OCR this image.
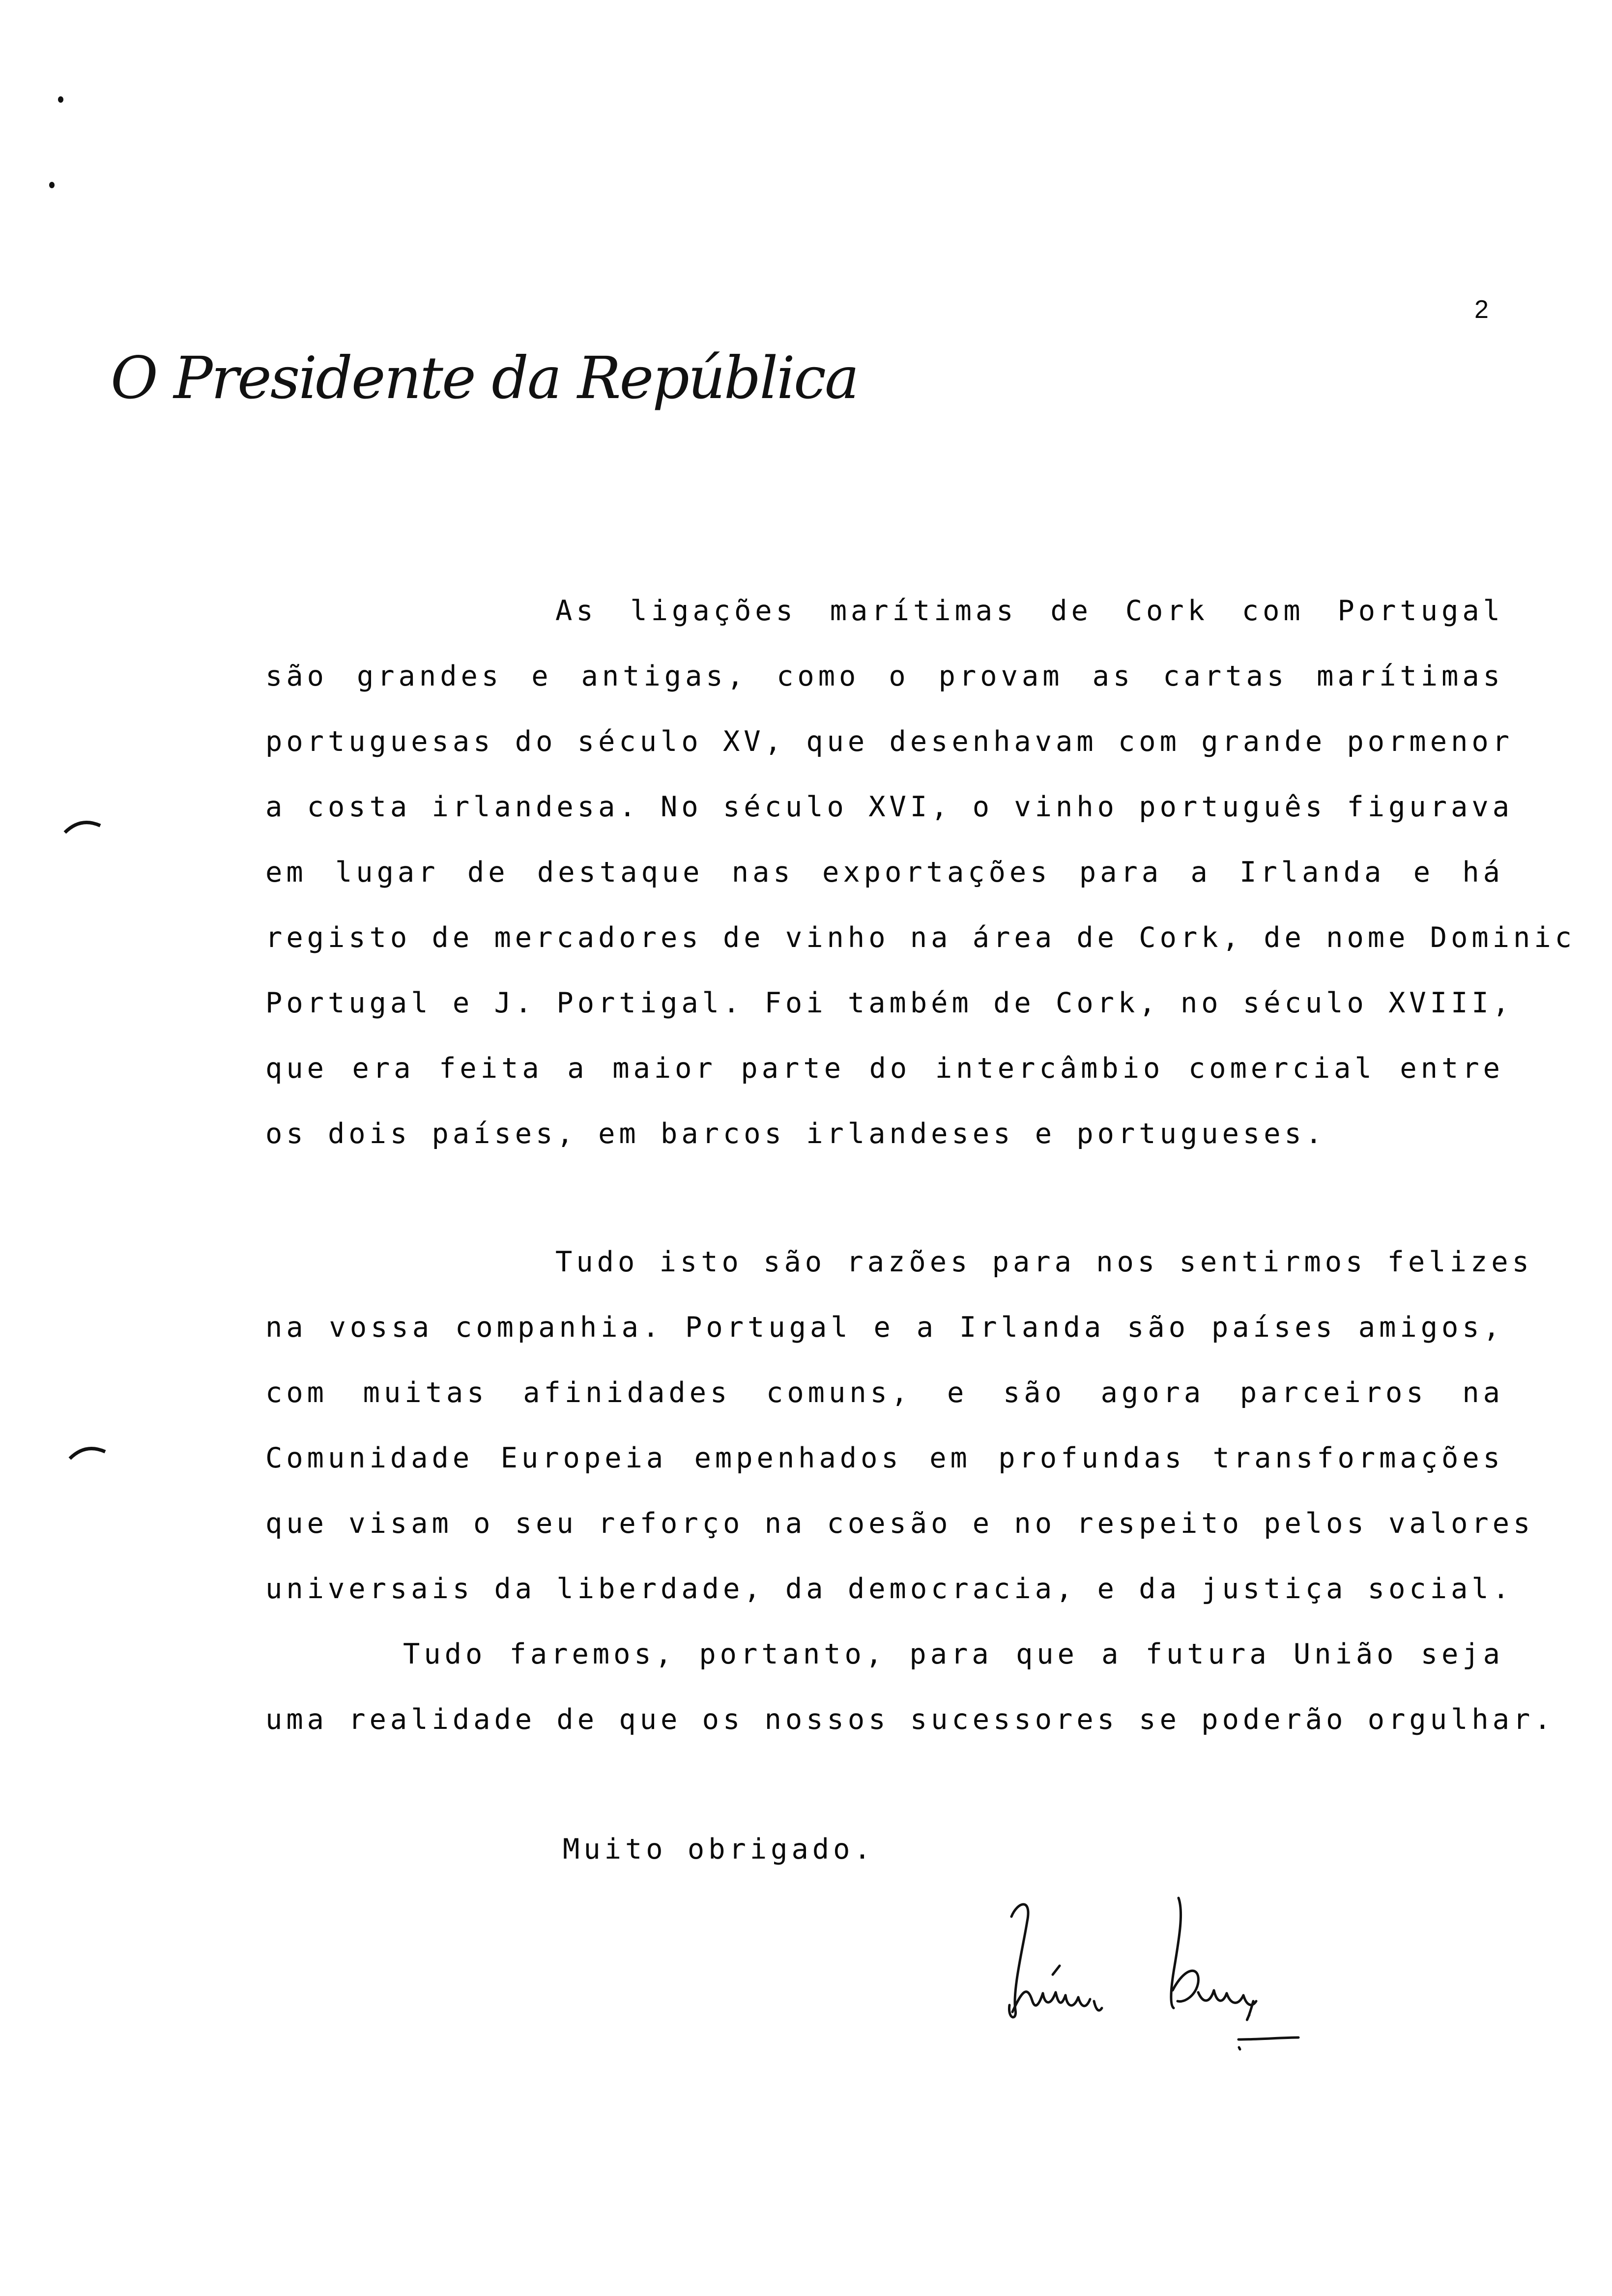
2
O Presidente da República
As ligações marítimas de Cork com Portugal
são grandes e antigas, como o provam as cartas marítimas
portuguesas do século XV, que desenhavam com grande pormenor
a costa irlandesa. No século XVI, o vinho português figurava
em lugar de destaque nas exportações para a Irlanda e há
registo de mercadores de vinho na área de Cork, de nome Dominic
Portugal e J. Portigal. Foi também de Cork, no século XVIII,
que era feita a maior parte do intercâmbio comercial entre
os dois países, em barcos irlandeses e portugueses.
Tudo isto são razões para nos sentirmos felizes
na vossa companhia. Portugal e a Irlanda são países amigos,
com muitas afinidades comuns, e são agora parceiros na
Comunidade Europeia empenhados em profundas transformações
que visam o seu reforço na coesão e no respeito pelos valores
universais da liberdade, da democracia, e da justiça social.
Tudo faremos, portanto, para que a futura União seja
uma realidade de que os nossos sucessores se poderão orgulhar.
Muito obrigado.
